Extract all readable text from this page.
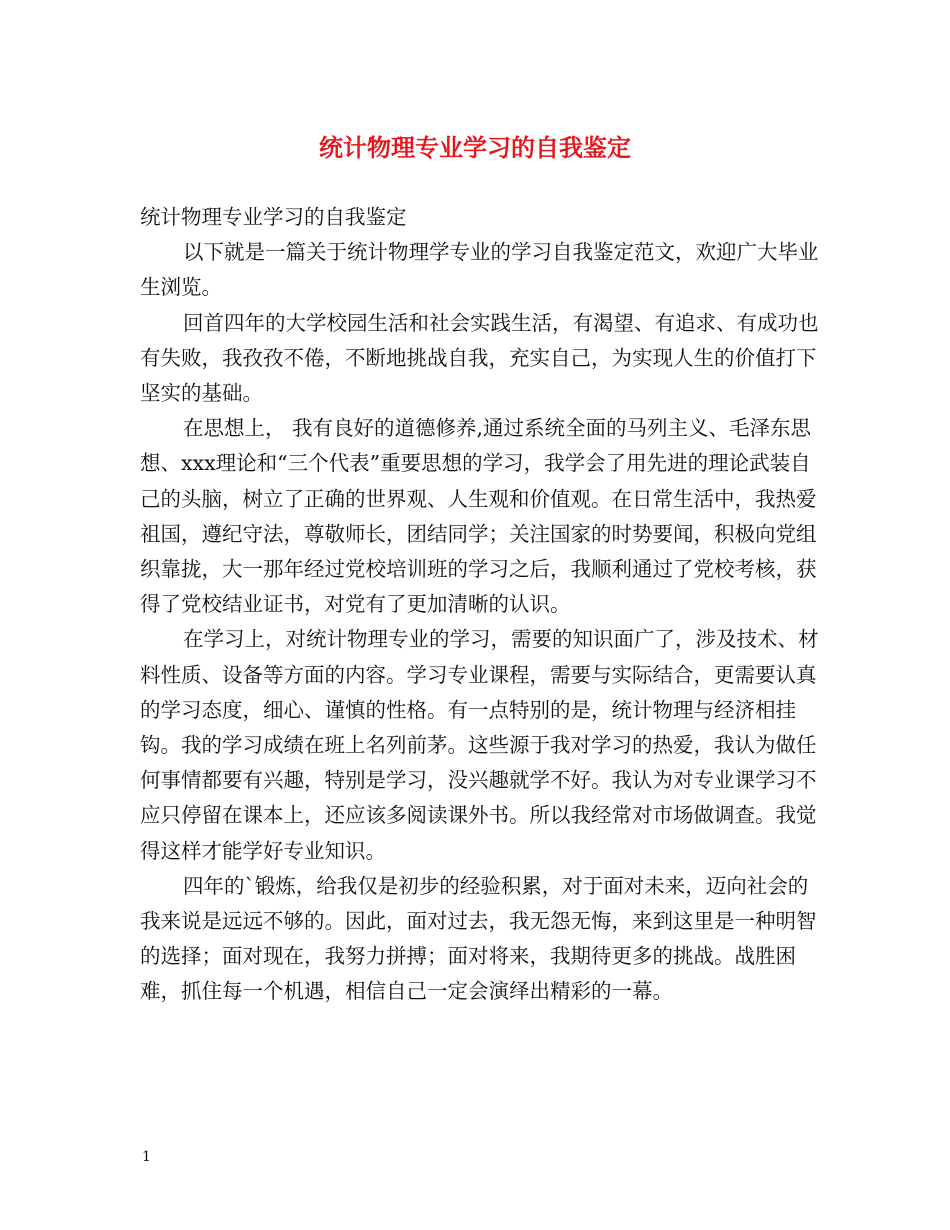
统计物理专业学习的自我鉴定

统计物理专业学习的自我鉴定

以下就是一篇关于统计物理学专业的学习自我鉴定范文，欢迎广大毕业生浏览。

回首四年的大学校园生活和社会实践生活，有渴望、有追求、有成功也有失败，我孜孜不倦，不断地挑战自我，充实自己，为实现人生的价值打下坚实的基础。

在思想上， 我有良好的道德修养,通过系统全面的马列主义、毛泽东思想、xxx理论和“三个代表”重要思想的学习，我学会了用先进的理论武装自己的头脑，树立了正确的世界观、人生观和价值观。在日常生活中，我热爱祖国，遵纪守法，尊敬师长，团结同学；关注国家的时势要闻，积极向党组织靠拢，大一那年经过党校培训班的学习之后，我顺利通过了党校考核，获得了党校结业证书，对党有了更加清晰的认识。

在学习上，对统计物理专业的学习，需要的知识面广了，涉及技术、材料性质、设备等方面的内容。学习专业课程，需要与实际结合，更需要认真的学习态度，细心、谨慎的性格。有一点特别的是，统计物理与经济相挂钩。我的学习成绩在班上名列前茅。这些源于我对学习的热爱，我认为做任何事情都要有兴趣，特别是学习，没兴趣就学不好。我认为对专业课学习不应只停留在课本上，还应该多阅读课外书。所以我经常对市场做调查。我觉得这样才能学好专业知识。

四年的`锻炼，给我仅是初步的经验积累，对于面对未来，迈向社会的我来说是远远不够的。因此，面对过去，我无怨无悔，来到这里是一种明智的选择；面对现在，我努力拼搏；面对将来，我期待更多的挑战。战胜困难，抓住每一个机遇，相信自己一定会演绎出精彩的一幕。

1
